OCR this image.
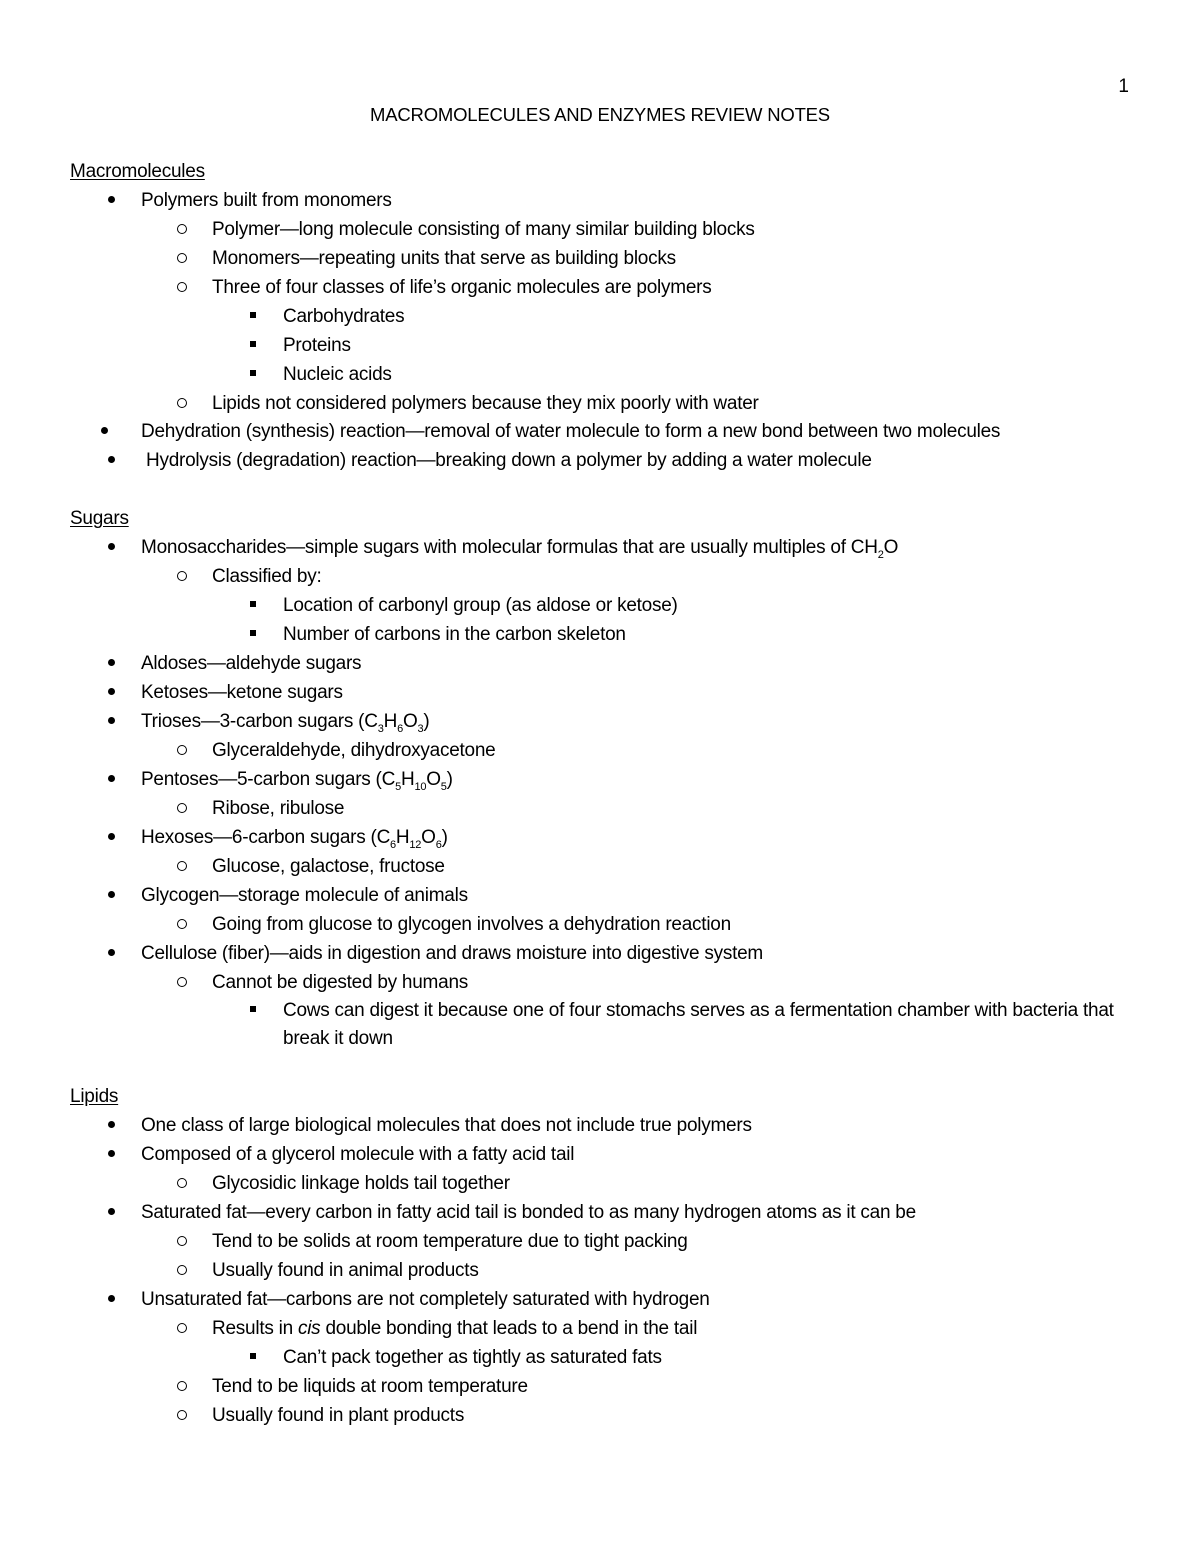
1
MACROMOLECULES AND ENZYMES REVIEW NOTES
Macromolecules
Polymers built from monomers
Polymer—long molecule consisting of many similar building blocks
Monomers—repeating units that serve as building blocks
Three of four classes of life’s organic molecules are polymers
Carbohydrates
Proteins
Nucleic acids
Lipids not considered polymers because they mix poorly with water
Dehydration (synthesis) reaction—removal of water molecule to form a new bond between two molecules
Hydrolysis (degradation) reaction—breaking down a polymer by adding a water molecule
Sugars
Monosaccharides—simple sugars with molecular formulas that are usually multiples of $CH_2O$
Classified by:
Location of carbonyl group (as aldose or ketose)
Number of carbons in the carbon skeleton
Aldoses—aldehyde sugars
Ketoses—ketone sugars
Trioses—3-carbon sugars $(C_3H_6O_3)$
Glyceraldehyde, dihydroxyacetone
Pentoses—5-carbon sugars $(C_5H_{10}O_5)$
Ribose, ribulose
Hexoses—6-carbon sugars $(C_6H_{12}O_6)$
Glucose, galactose, fructose
Glycogen—storage molecule of animals
Going from glucose to glycogen involves a dehydration reaction
Cellulose (fiber)—aids in digestion and draws moisture into digestive system
Cannot be digested by humans
Cows can digest it because one of four stomachs serves as a fermentation chamber with bacteria that break it down
Lipids
One class of large biological molecules that does not include true polymers
Composed of a glycerol molecule with a fatty acid tail
Glycosidic linkage holds tail together
Saturated fat—every carbon in fatty acid tail is bonded to as many hydrogen atoms as it can be
Tend to be solids at room temperature due to tight packing
Usually found in animal products
Unsaturated fat—carbons are not completely saturated with hydrogen
Results in cis double bonding that leads to a bend in the tail
Can’t pack together as tightly as saturated fats
Tend to be liquids at room temperature
Usually found in plant products
